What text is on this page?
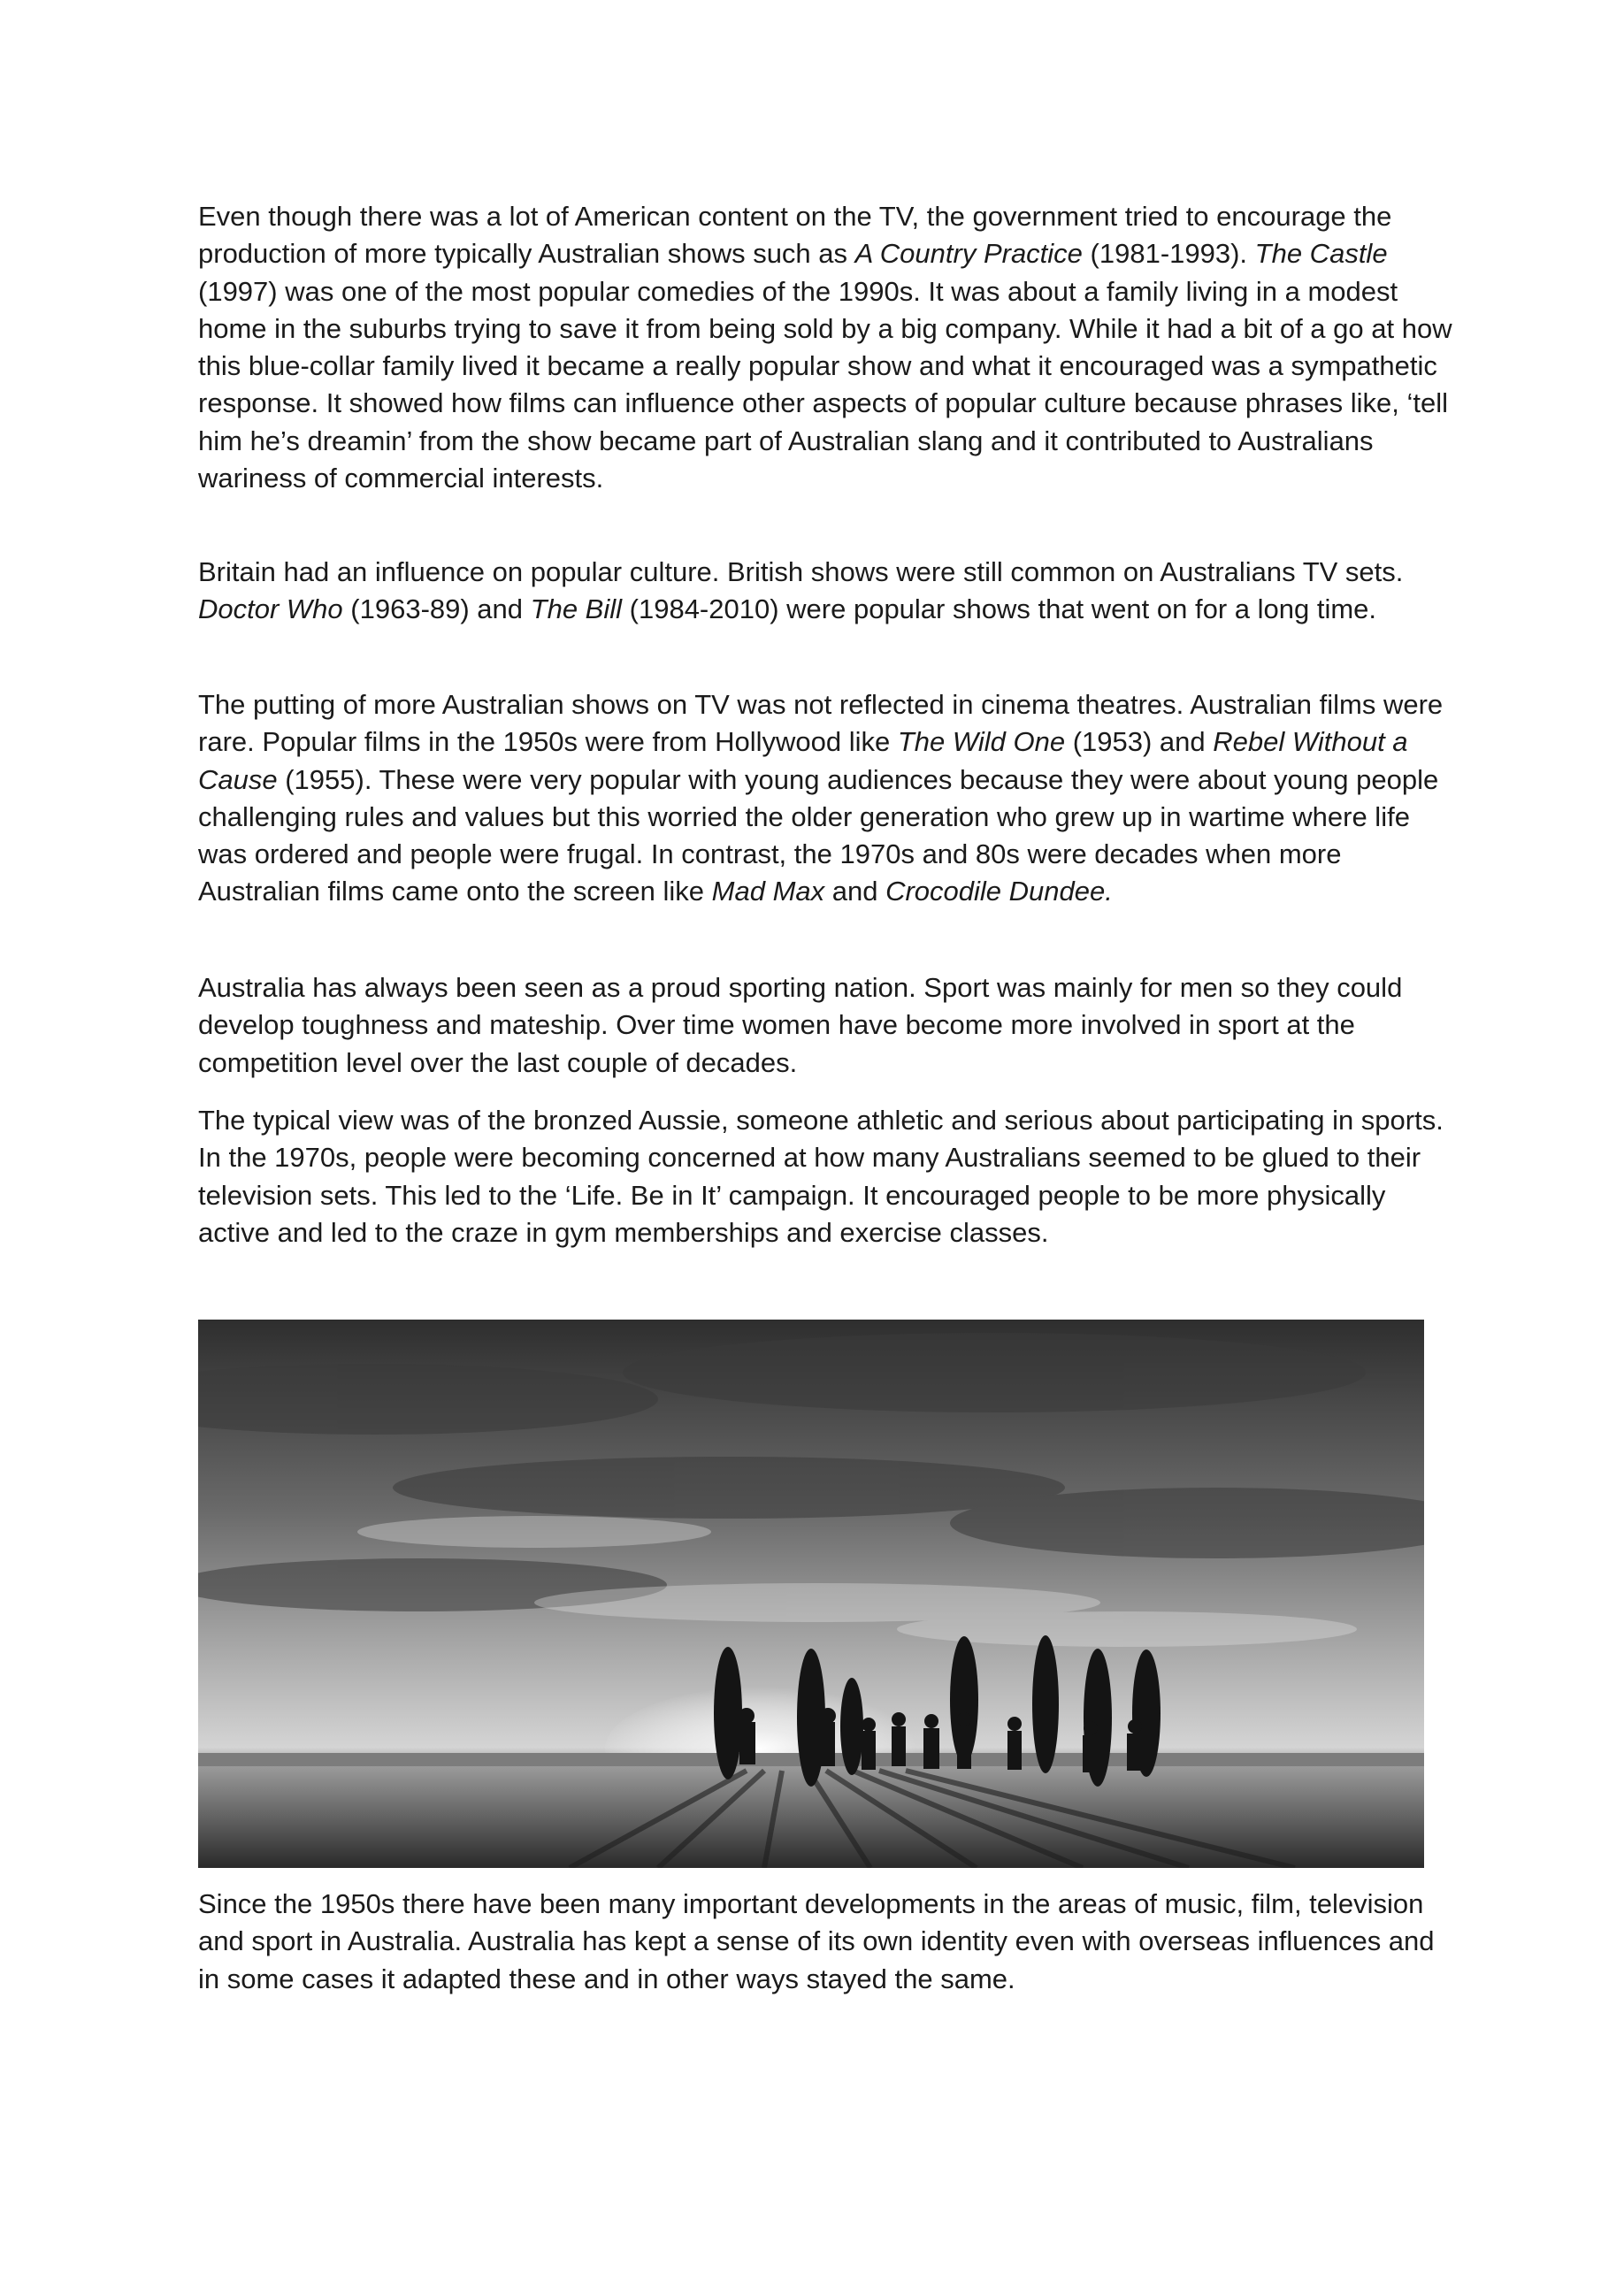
Even though there was a lot of American content on the TV, the government tried to encourage the production of more typically Australian shows such as A Country Practice (1981-1993). The Castle (1997) was one of the most popular comedies of the 1990s. It was about a family living in a modest home in the suburbs trying to save it from being sold by a big company. While it had a bit of a go at how this blue-collar family lived it became a really popular show and what it encouraged was a sympathetic response. It showed how films can influence other aspects of popular culture because phrases like, ‘tell him he’s dreamin’ from the show became part of Australian slang and it contributed to Australians wariness of commercial interests.

Britain had an influence on popular culture. British shows were still common on Australians TV sets. Doctor Who (1963-89) and The Bill (1984-2010) were popular shows that went on for a long time.

The putting of more Australian shows on TV was not reflected in cinema theatres. Australian films were rare. Popular films in the 1950s were from Hollywood like The Wild One (1953) and Rebel Without a Cause (1955). These were very popular with young audiences because they were about young people challenging rules and values but this worried the older generation who grew up in wartime where life was ordered and people were frugal. In contrast, the 1970s and 80s were decades when more Australian films came onto the screen like Mad Max and Crocodile Dundee.

Australia has always been seen as a proud sporting nation. Sport was mainly for men so they could develop toughness and mateship. Over time women have become more involved in sport at the competition level over the last couple of decades.

The typical view was of the bronzed Aussie, someone athletic and serious about participating in sports. In the 1970s, people were becoming concerned at how many Australians seemed to be glued to their television sets. This led to the ‘Life. Be in It’ campaign. It encouraged people to be more physically active and led to the craze in gym memberships and exercise classes.

Since the 1950s there have been many important developments in the areas of music, film, television and sport in Australia. Australia has kept a sense of its own identity even with overseas influences and in some cases it adapted these and in other ways stayed the same.
